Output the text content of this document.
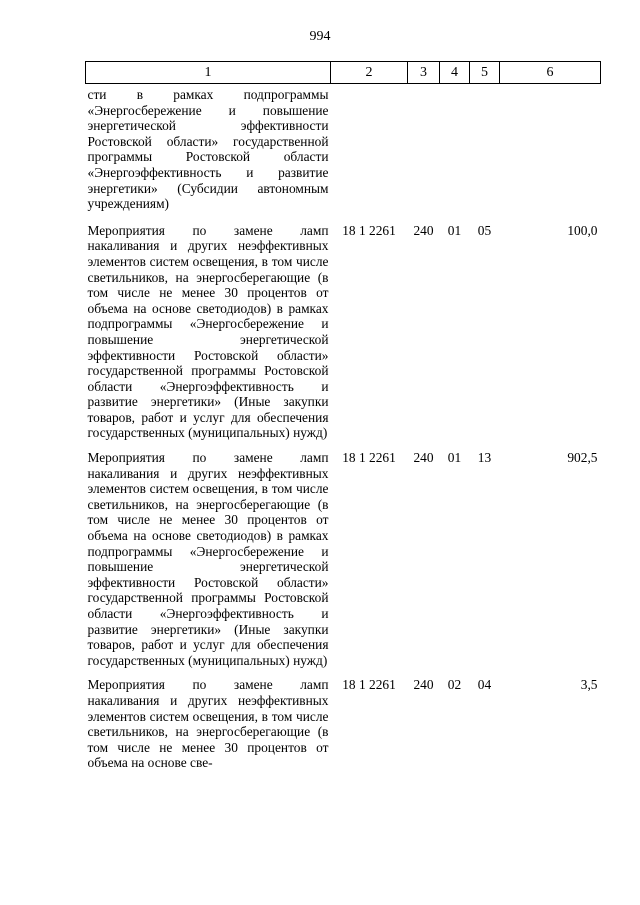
994
1	2	3	4	5	6
сти в рамках подпрограммы «Энергосбережение и повышение энергетической эффективности Ростовской области» государственной программы Ростовской области «Энергоэффективность и развитие энергетики» (Субсидии автономным учреждениям)					
Мероприятия по замене ламп накаливания и других неэффективных элементов систем освещения, в том числе светильников, на энергосберегающие (в том числе не менее 30 процентов от объема на основе светодиодов) в рамках подпрограммы «Энергосбережение и повышение энергетической эффективности Ростовской области» государственной программы Ростовской области «Энергоэффективность и развитие энергетики» (Иные закупки товаров, работ и услуг для обеспечения государственных (муниципальных) нужд)	18 1 2261	240	01	05	100,0
Мероприятия по замене ламп накаливания и других неэффективных элементов систем освещения, в том числе светильников, на энергосберегающие (в том числе не менее 30 процентов от объема на основе светодиодов) в рамках подпрограммы «Энергосбережение и повышение энергетической эффективности Ростовской области» государственной программы Ростовской области «Энергоэффективность и развитие энергетики» (Иные закупки товаров, работ и услуг для обеспечения государственных (муниципальных) нужд)	18 1 2261	240	01	13	902,5
Мероприятия по замене ламп накаливания и других неэффективных элементов систем освещения, в том числе светильников, на энергосберегающие (в том числе не менее 30 процентов от объема на основе све-	18 1 2261	240	02	04	3,5
